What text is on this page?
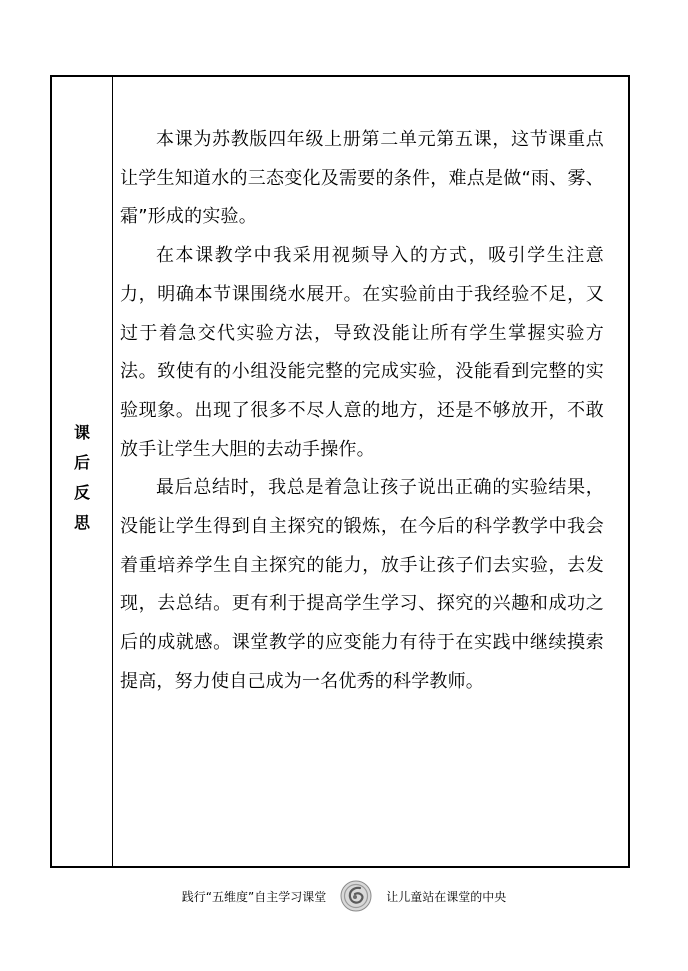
课
后
反
思

本课为苏教版四年级上册第二单元第五课，这节课重点让学生知道水的三态变化及需要的条件，难点是做“雨、雾、霜”形成的实验。

在本课教学中我采用视频导入的方式，吸引学生注意力，明确本节课围绕水展开。在实验前由于我经验不足，又过于着急交代实验方法，导致没能让所有学生掌握实验方法。致使有的小组没能完整的完成实验，没能看到完整的实验现象。出现了很多不尽人意的地方，还是不够放开，不敢放手让学生大胆的去动手操作。

最后总结时，我总是着急让孩子说出正确的实验结果，没能让学生得到自主探究的锻炼，在今后的科学教学中我会着重培养学生自主探究的能力，放手让孩子们去实验，去发现，去总结。更有利于提高学生学习、探究的兴趣和成功之后的成就感。课堂教学的应变能力有待于在实践中继续摸索提高，努力使自己成为一名优秀的科学教师。

践行“五维度”自主学习课堂	让儿童站在课堂的中央
